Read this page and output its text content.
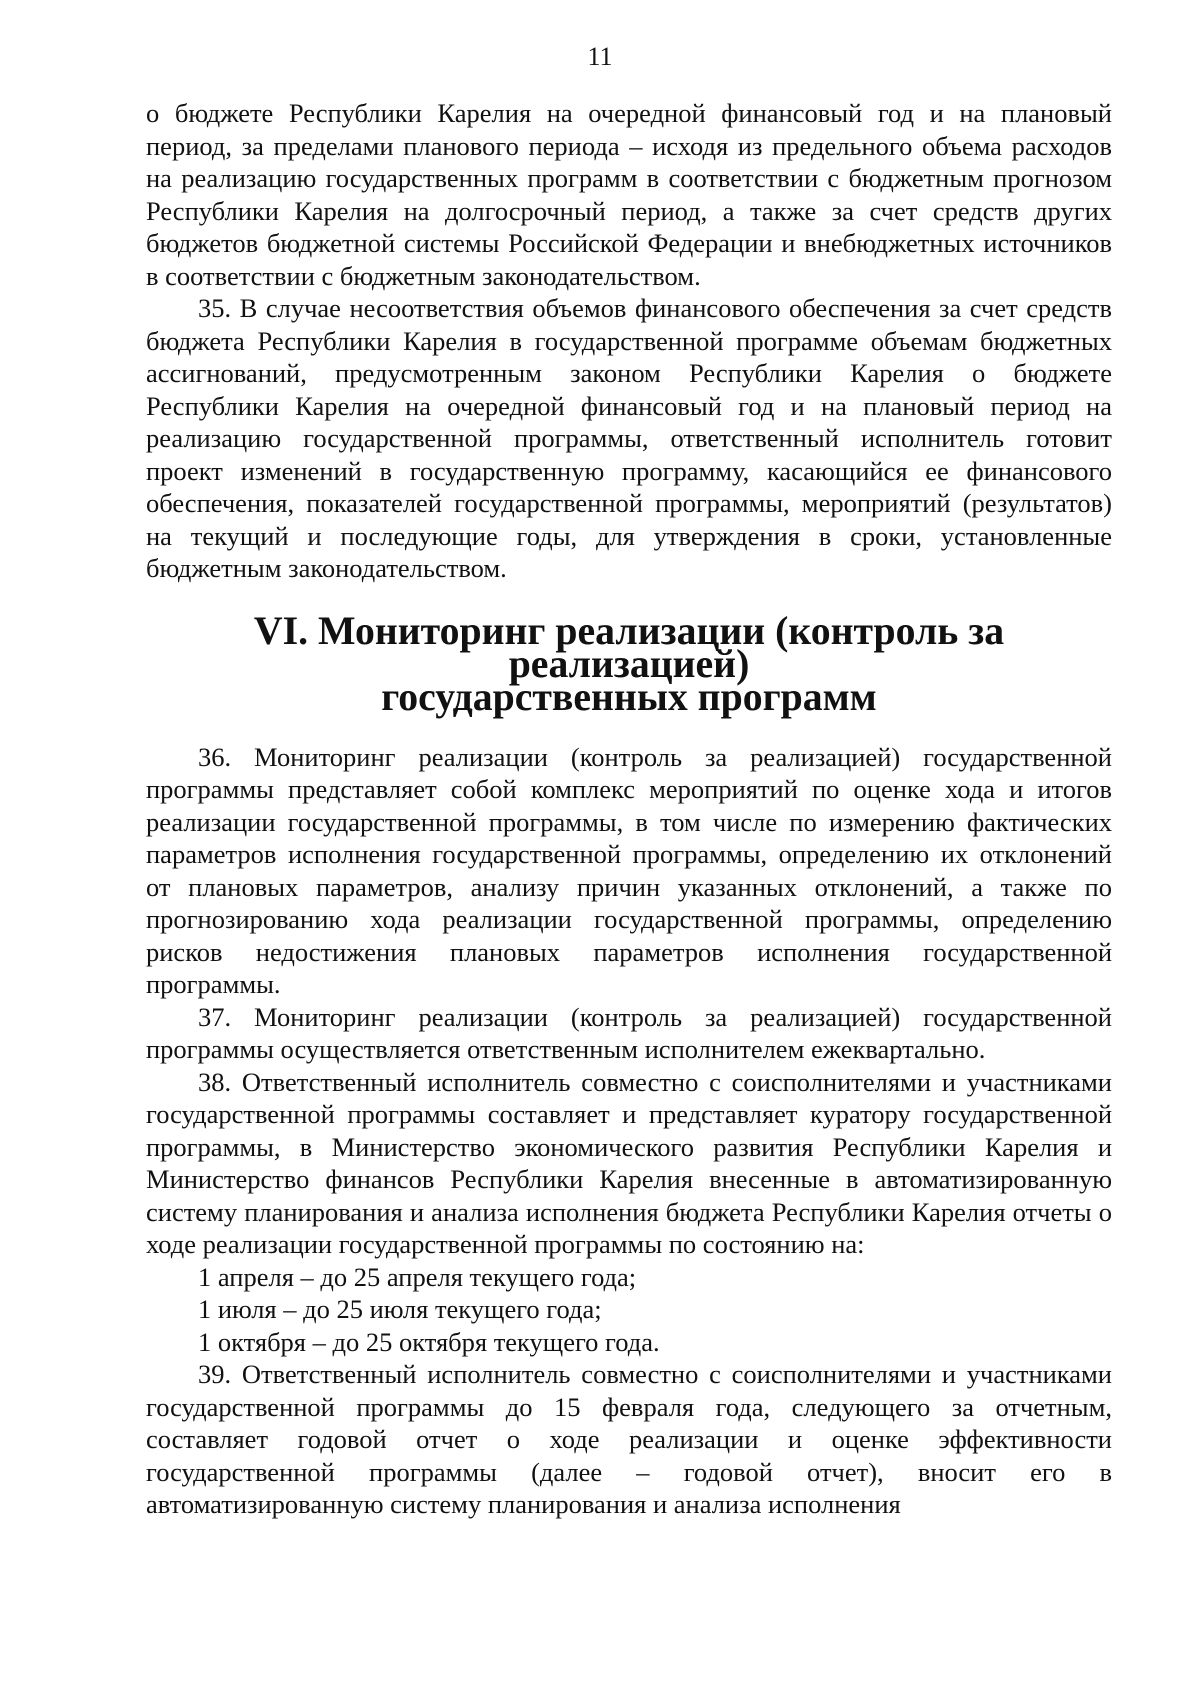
11

о бюджете Республики Карелия на очередной финансовый год и на плановый период, за пределами планового периода – исходя из предельного объема расходов на реализацию государственных программ в соответствии с бюджетным прогнозом Республики Карелия на долгосрочный период, а также за счет средств других бюджетов бюджетной системы Российской Федерации и внебюджетных источников в соответствии с бюджетным законодательством.

35. В случае несоответствия объемов финансового обеспечения за счет средств бюджета Республики Карелия в государственной программе объемам бюджетных ассигнований, предусмотренным законом Республики Карелия о бюджете Республики Карелия на очередной финансовый год и на плановый период на реализацию государственной программы, ответственный исполнитель готовит проект изменений в государственную программу, касающийся ее финансового обеспечения, показателей государственной программы, мероприятий (результатов) на текущий и последующие годы, для утверждения в сроки, установленные бюджетным законодательством.

VI. Мониторинг реализации (контроль за реализацией)
государственных программ

36. Мониторинг реализации (контроль за реализацией) государственной программы представляет собой комплекс мероприятий по оценке хода и итогов реализации государственной программы, в том числе по измерению фактических параметров исполнения государственной программы, определению их отклонений от плановых параметров, анализу причин указанных отклонений, а также по прогнозированию хода реализации государственной программы, определению рисков недостижения плановых параметров исполнения государственной программы.

37. Мониторинг реализации (контроль за реализацией) государственной программы осуществляется ответственным исполнителем ежеквартально.

38. Ответственный исполнитель совместно с соисполнителями и участниками государственной программы составляет и представляет куратору государственной программы, в Министерство экономического развития Республики Карелия и Министерство финансов Республики Карелия внесенные в автоматизированную систему планирования и анализа исполнения бюджета Республики Карелия отчеты о ходе реализации государственной программы по состоянию на:

1 апреля – до 25 апреля текущего года;

1 июля – до 25 июля текущего года;

1 октября – до 25 октября текущего года.

39. Ответственный исполнитель совместно с соисполнителями и участниками государственной программы до 15 февраля года, следующего за отчетным, составляет годовой отчет о ходе реализации и оценке эффективности государственной программы (далее – годовой отчет), вносит его в автоматизированную систему планирования и анализа исполнения
